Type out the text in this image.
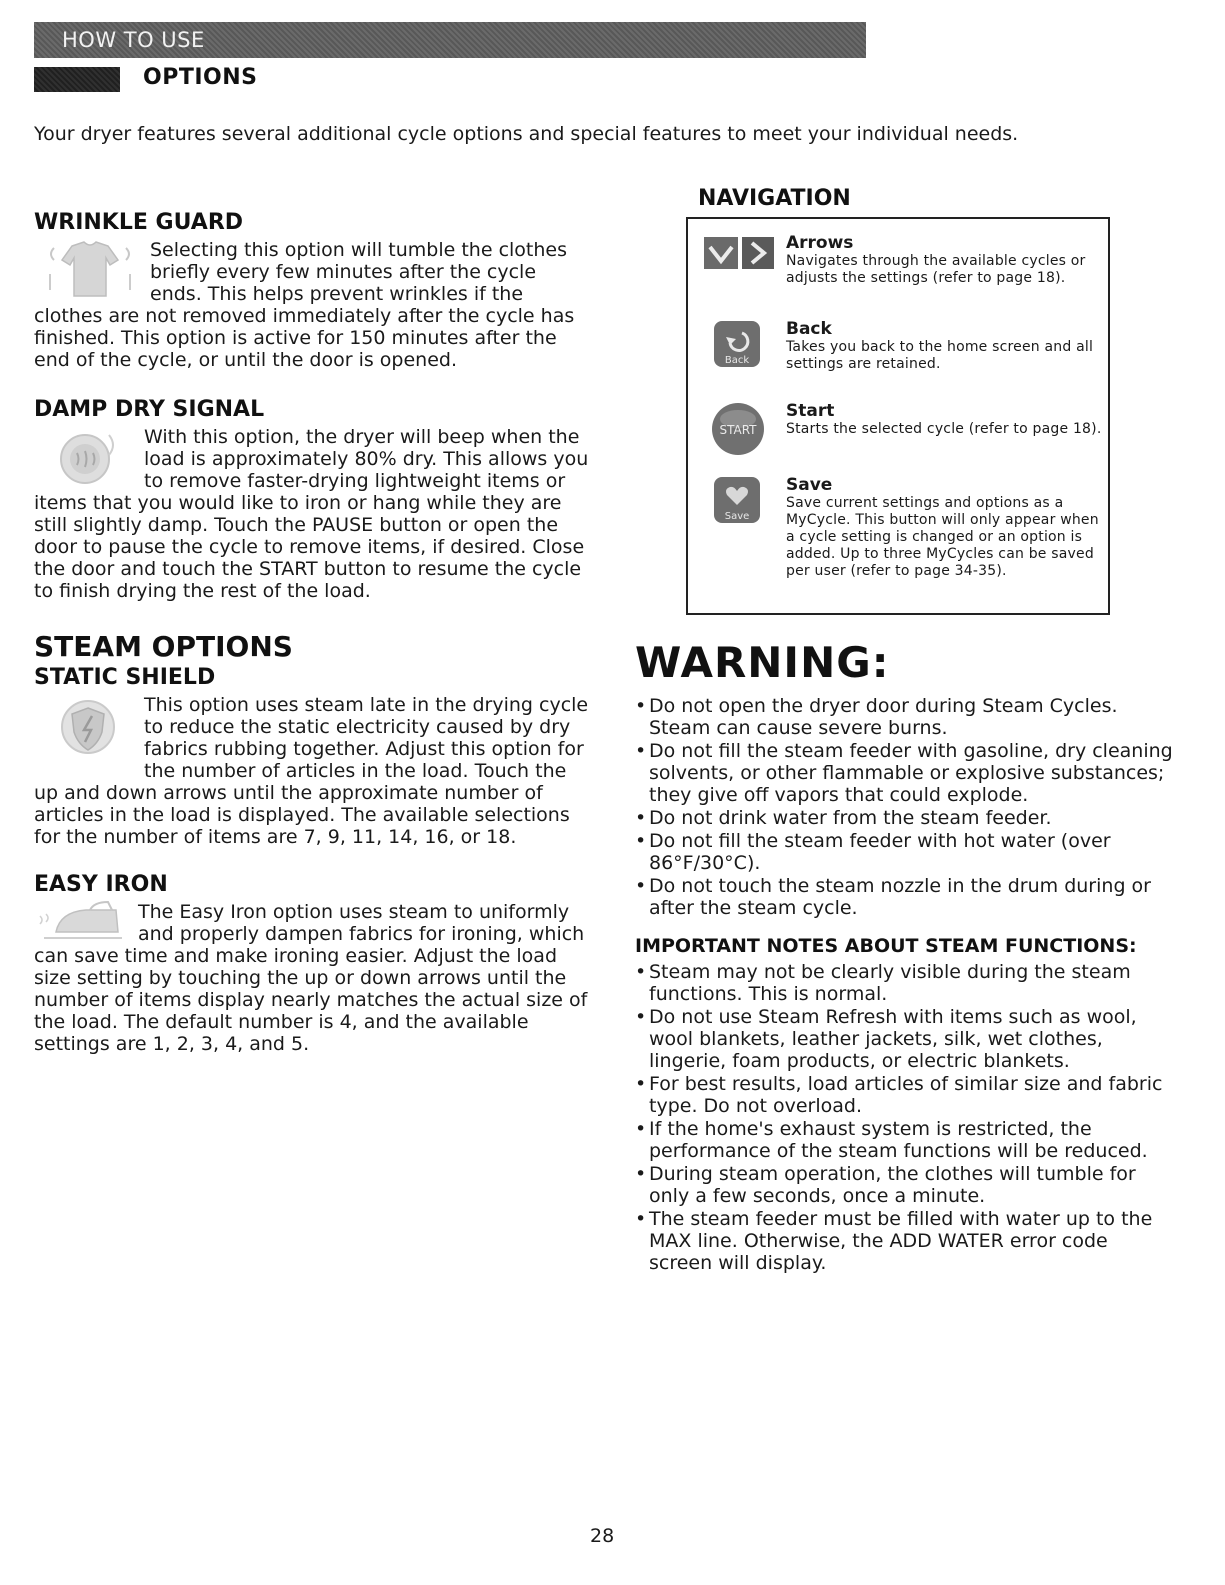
HOW TO USE
OPTIONS

Your dryer features several additional cycle options and special features to meet your individual needs.

WRINKLE GUARD

Selecting this option will tumble the clothes briefly every few minutes after the cycle ends. This helps prevent wrinkles if the clothes are not removed immediately after the cycle has finished. This option is active for 150 minutes after the end of the cycle, or until the door is opened.

DAMP DRY SIGNAL

With this option, the dryer will beep when the load is approximately 80% dry. This allows you to remove faster-drying lightweight items or items that you would like to iron or hang while they are still slightly damp. Touch the PAUSE button or open the door to pause the cycle to remove items, if desired. Close the door and touch the START button to resume the cycle to finish drying the rest of the load.

STEAM OPTIONS
STATIC SHIELD

This option uses steam late in the drying cycle to reduce the static electricity caused by dry fabrics rubbing together. Adjust this option for the number of articles in the load. Touch the up and down arrows until the approximate number of articles in the load is displayed. The available selections for the number of items are 7, 9, 11, 14, 16, or 18.

EASY IRON

The Easy Iron option uses steam to uniformly and properly dampen fabrics for ironing, which can save time and make ironing easier. Adjust the load size setting by touching the up or down arrows until the number of items display nearly matches the actual size of the load. The default number is 4, and the available settings are 1, 2, 3, 4, and 5.

NAVIGATION

Arrows

Navigates through the available cycles or adjusts the settings (refer to page 18).

Back

Back

Takes you back to the home screen and all settings are retained.

START

Start

Starts the selected cycle (refer to page 18).

Save

Save

Save current settings and options as a MyCycle. This button will only appear when a cycle setting is changed or an option is added. Up to three MyCycles can be saved per user (refer to page 34-35).

WARNING:
• Do not open the dryer door during Steam Cycles. Steam can cause severe burns.
• Do not fill the steam feeder with gasoline, dry cleaning solvents, or other flammable or explosive substances; they give off vapors that could explode.
• Do not drink water from the steam feeder.
• Do not fill the steam feeder with hot water (over 86°F/30°C).
• Do not touch the steam nozzle in the drum during or after the steam cycle.
IMPORTANT NOTES ABOUT STEAM FUNCTIONS:
• Steam may not be clearly visible during the steam functions. This is normal.
• Do not use Steam Refresh with items such as wool, wool blankets, leather jackets, silk, wet clothes, lingerie, foam products, or electric blankets.
• For best results, load articles of similar size and fabric type. Do not overload.
• If the home's exhaust system is restricted, the performance of the steam functions will be reduced.
• During steam operation, the clothes will tumble for only a few seconds, once a minute.
• The steam feeder must be filled with water up to the MAX line. Otherwise, the ADD WATER error code screen will display.
28
